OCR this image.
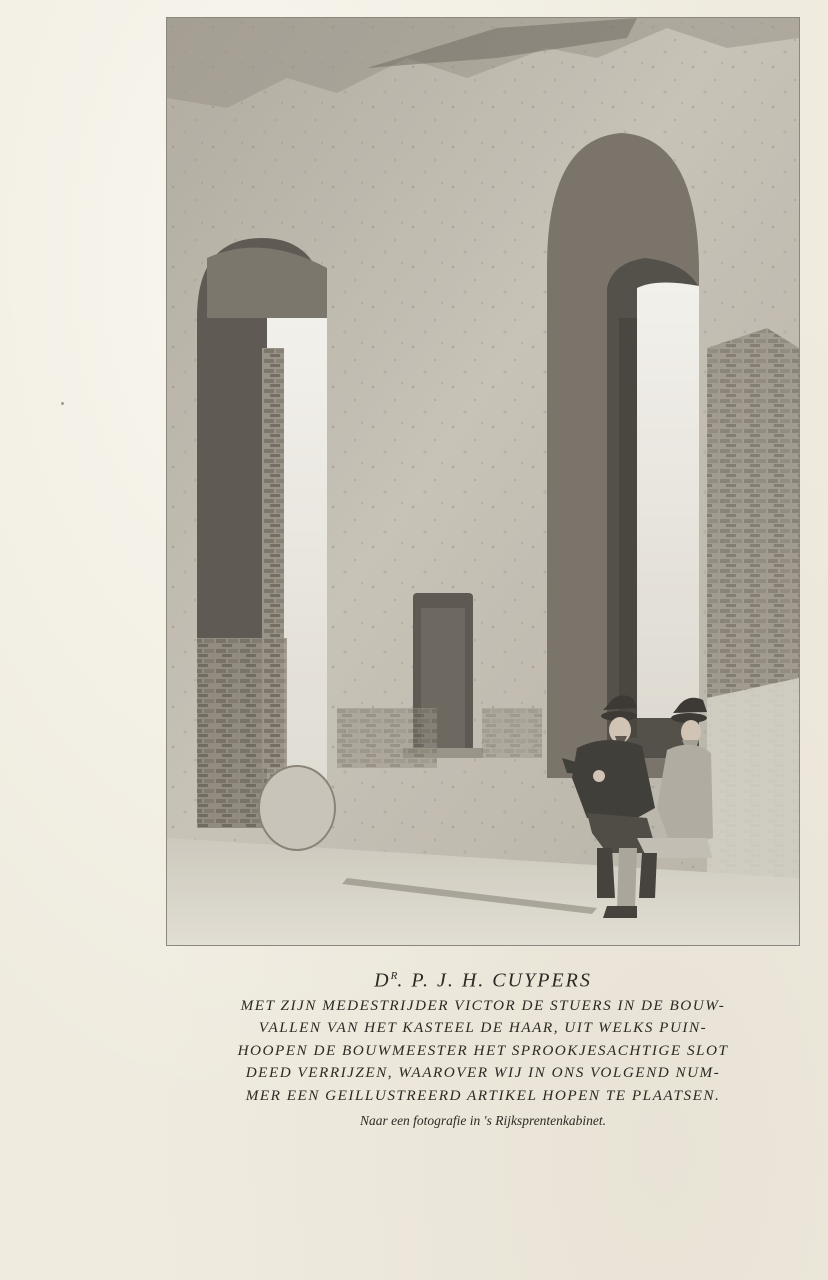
$D^R$. P. J. H. CUYPERS
MET ZIJN MEDESTRIJDER VICTOR DE STUERS IN DE BOUW-
VALLEN VAN HET KASTEEL DE HAAR, UIT WELKS PUIN-
HOOPEN DE BOUWMEESTER HET SPROOKJESACHTIGE SLOT
DEED VERRIJZEN, WAAROVER WIJ IN ONS VOLGEND NUM-
MER EEN GEILLUSTREERD ARTIKEL HOPEN TE PLAATSEN.
Naar een fotografie in 's Rijksprentenkabinet.
